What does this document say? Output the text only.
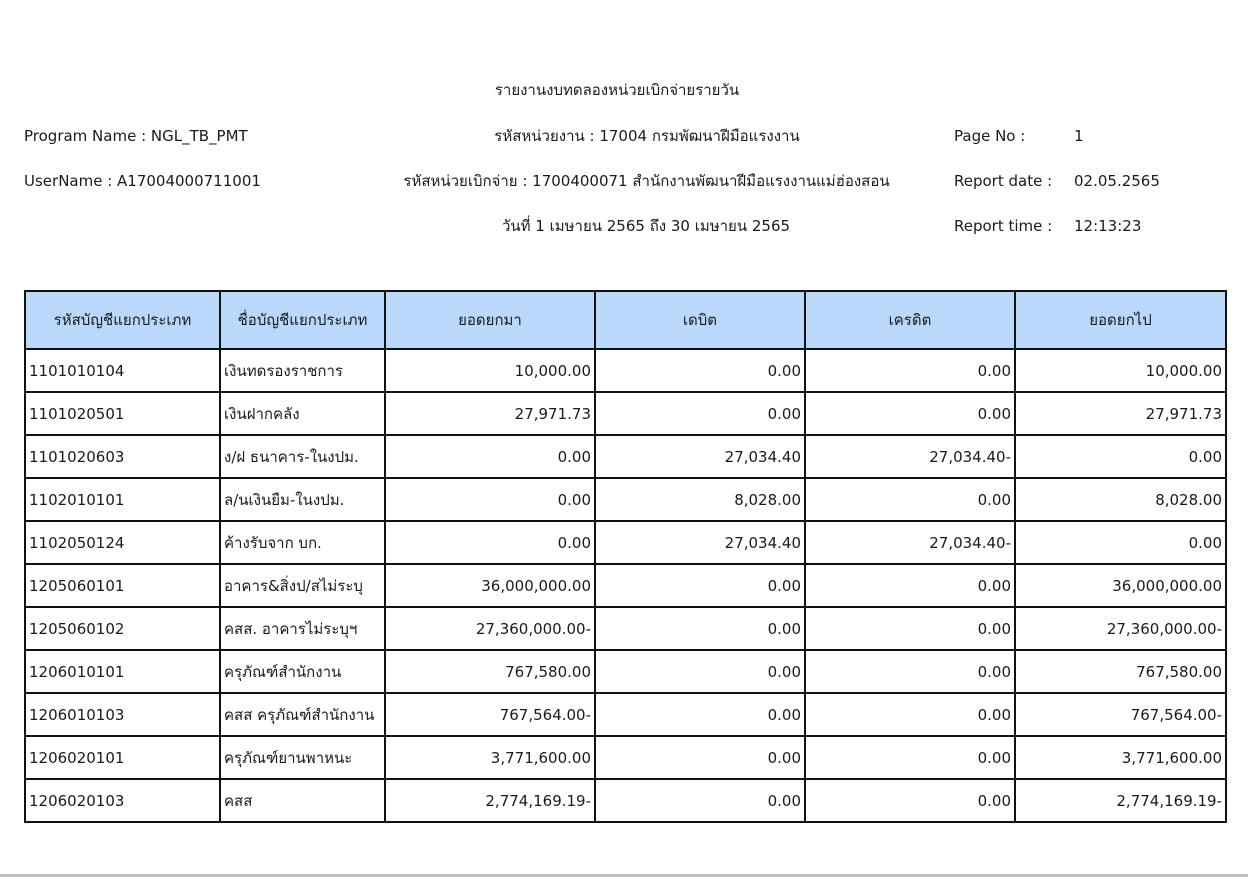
รายงานงบทดลองหน่วยเบิกจ่ายรายวัน
Program Name : NGL_TB_PMT	รหัสหน่วยงาน : 17004 กรมพัฒนาฝีมือแรงงาน	Page No :	1
UserName : A17004000711001	รหัสหน่วยเบิกจ่าย : 1700400071 สำนักงานพัฒนาฝีมือแรงงานแม่ฮ่องสอน	Report date : 02.05.2565
วันที่ 1 เมษายน 2565 ถึง 30 เมษายน 2565	Report time : 12:13:23
รหัสบัญชีแยกประเภท	ชื่อบัญชีแยกประเภท	ยอดยกมา	เดบิต	เครดิต	ยอดยกไป
1101010104	เงินทดรองราชการ	10,000.00	0.00	0.00	10,000.00
1101020501	เงินฝากคลัง	27,971.73	0.00	0.00	27,971.73
1101020603	ง/ฝ ธนาคาร-ในงปม.	0.00	27,034.40	27,034.40-	0.00
1102010101	ล/นเงินยืม-ในงปม.	0.00	8,028.00	0.00	8,028.00
1102050124	ค้างรับจาก บก.	0.00	27,034.40	27,034.40-	0.00
1205060101	อาคาร&สิ่งป/สไม่ระบุ	36,000,000.00	0.00	0.00	36,000,000.00
1205060102	คสส. อาคารไม่ระบุฯ	27,360,000.00-	0.00	0.00	27,360,000.00-
1206010101	ครุภัณฑ์สำนักงาน	767,580.00	0.00	0.00	767,580.00
1206010103	คสส ครุภัณฑ์สำนักงาน	767,564.00-	0.00	0.00	767,564.00-
1206020101	ครุภัณฑ์ยานพาหนะ	3,771,600.00	0.00	0.00	3,771,600.00
1206020103	คสส	2,774,169.19-	0.00	0.00	2,774,169.19-
